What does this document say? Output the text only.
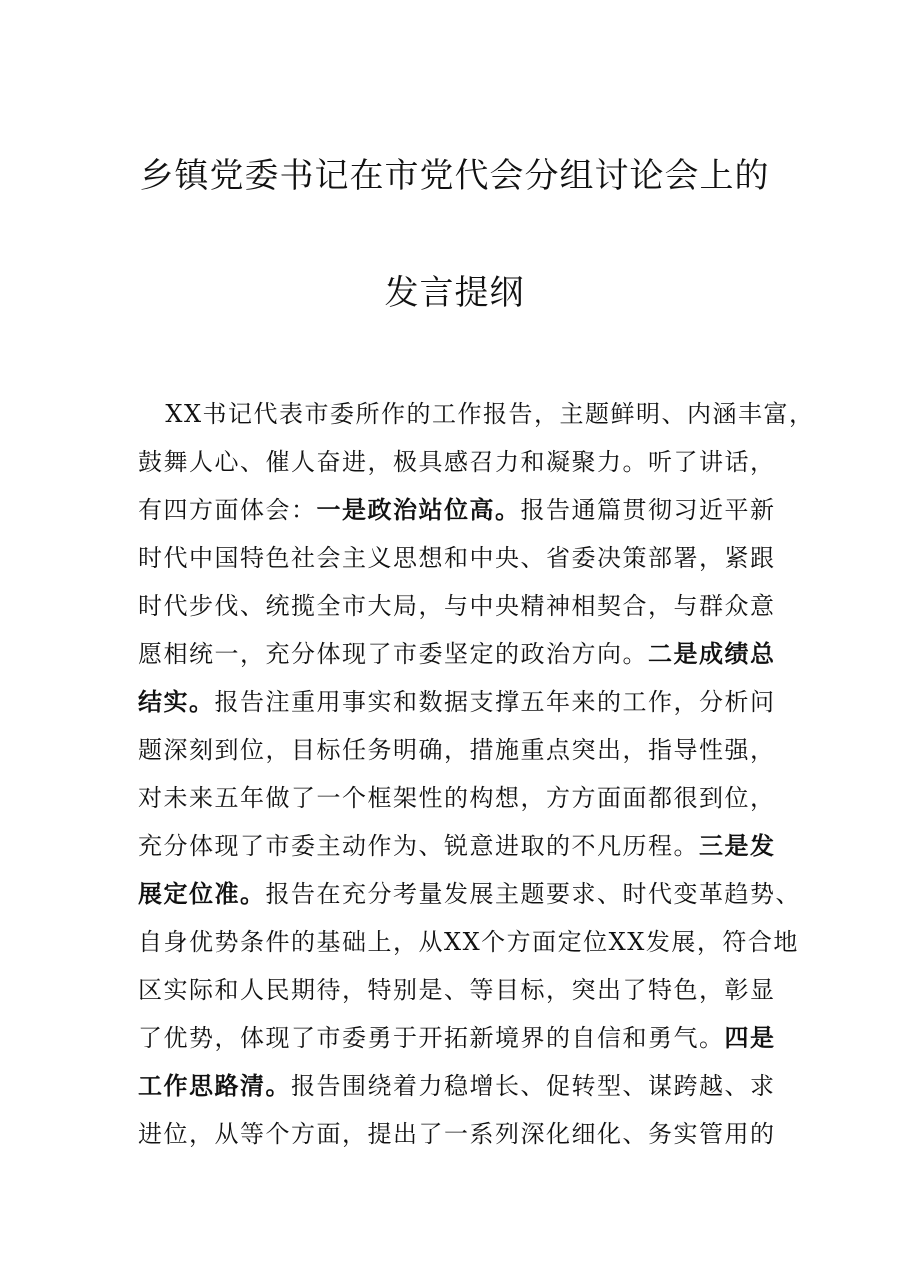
乡镇党委书记在市党代会分组讨论会上的
发言提纲
XX书记代表市委所作的工作报告，主题鲜明、内涵丰富，
鼓舞人心、催人奋进，极具感召力和凝聚力。听了讲话，
有四方面体会：一是政治站位高。报告通篇贯彻习近平新
时代中国特色社会主义思想和中央、省委决策部署，紧跟
时代步伐、统揽全市大局，与中央精神相契合，与群众意
愿相统一，充分体现了市委坚定的政治方向。二是成绩总
结实。报告注重用事实和数据支撑五年来的工作，分析问
题深刻到位，目标任务明确，措施重点突出，指导性强，
对未来五年做了一个框架性的构想，方方面面都很到位，
充分体现了市委主动作为、锐意进取的不凡历程。三是发
展定位准。报告在充分考量发展主题要求、时代变革趋势、
自身优势条件的基础上，从XX个方面定位XX发展，符合地
区实际和人民期待，特别是、等目标，突出了特色，彰显
了优势，体现了市委勇于开拓新境界的自信和勇气。四是
工作思路清。报告围绕着力稳增长、促转型、谋跨越、求
进位，从等个方面，提出了一系列深化细化、务实管用的
